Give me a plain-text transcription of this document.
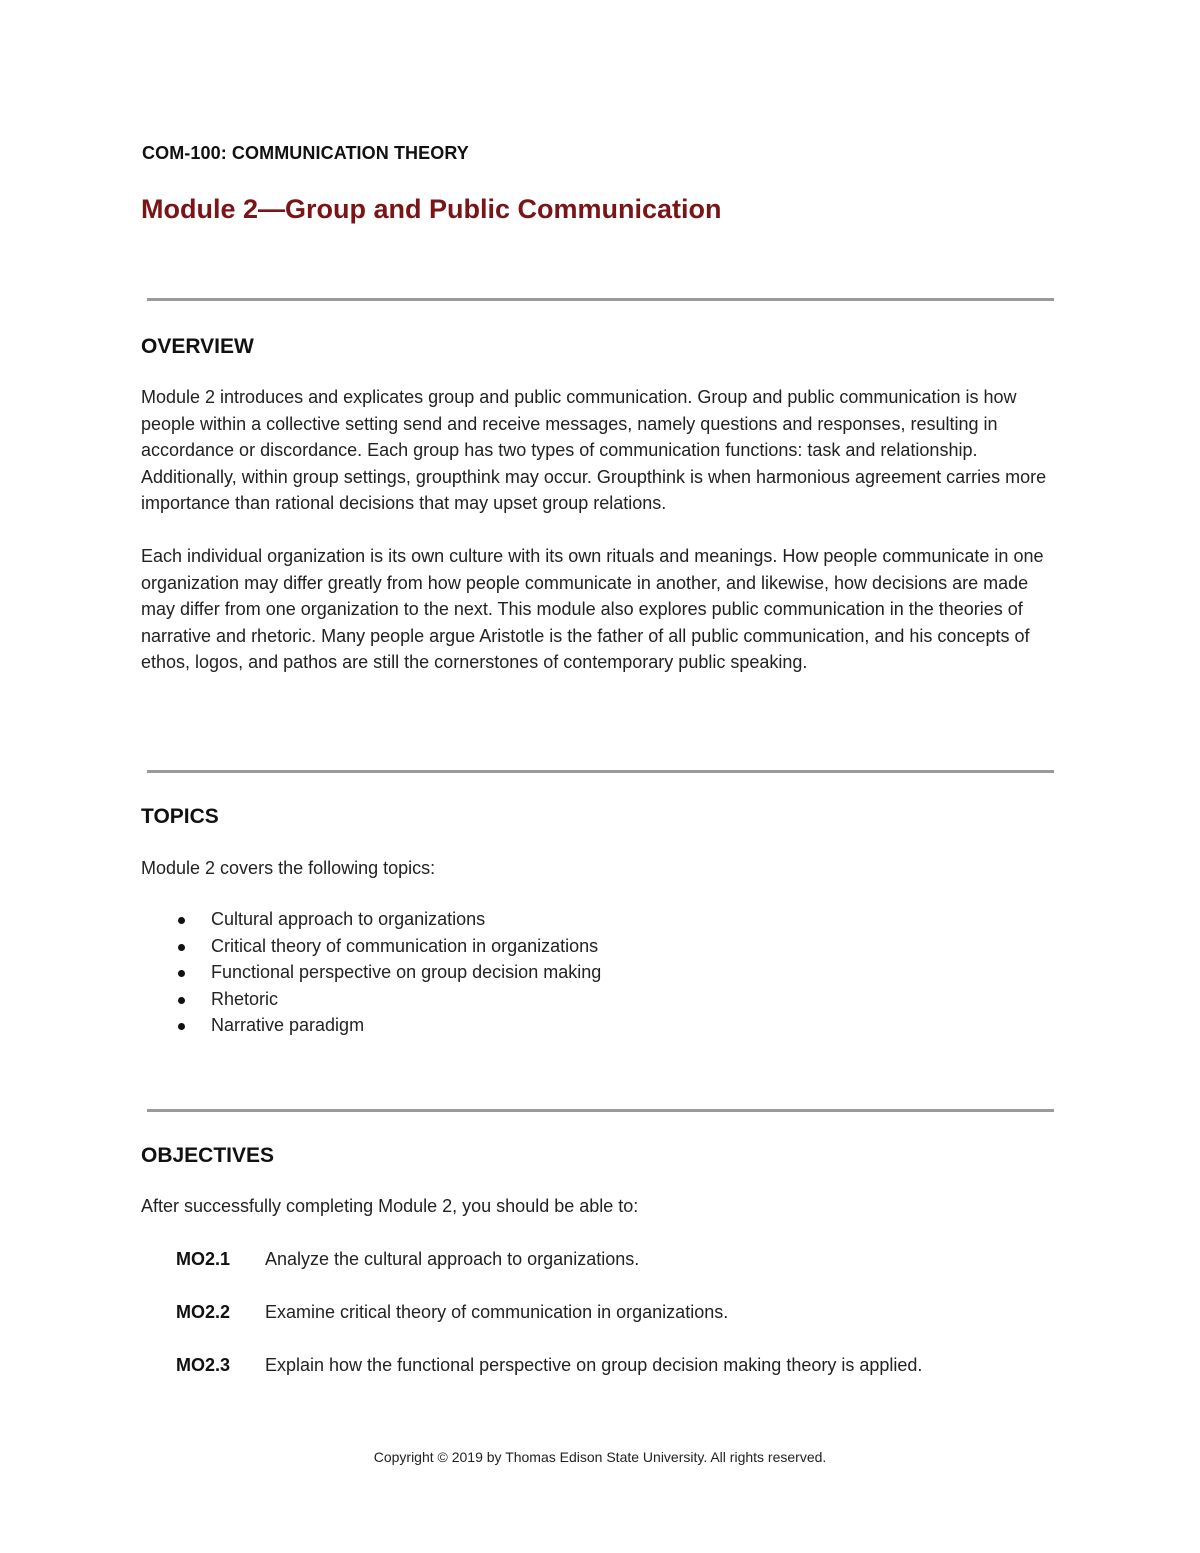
COM-100: COMMUNICATION THEORY
Module 2—Group and Public Communication
OVERVIEW

Module 2 introduces and explicates group and public communication. Group and public communication is how people within a collective setting send and receive messages, namely questions and responses, resulting in accordance or discordance. Each group has two types of communication functions: task and relationship. Additionally, within group settings, groupthink may occur. Groupthink is when harmonious agreement carries more importance than rational decisions that may upset group relations.

Each individual organization is its own culture with its own rituals and meanings. How people communicate in one organization may differ greatly from how people communicate in another, and likewise, how decisions are made may differ from one organization to the next. This module also explores public communication in the theories of narrative and rhetoric. Many people argue Aristotle is the father of all public communication, and his concepts of ethos, logos, and pathos are still the cornerstones of contemporary public speaking.

TOPICS

Module 2 covers the following topics:

Cultural approach to organizations
Critical theory of communication in organizations
Functional perspective on group decision making
Rhetoric
Narrative paradigm
OBJECTIVES

After successfully completing Module 2, you should be able to:

MO2.1 Analyze the cultural approach to organizations.
MO2.2 Examine critical theory of communication in organizations.
MO2.3 Explain how the functional perspective on group decision making theory is applied.
Copyright © 2019 by Thomas Edison State University. All rights reserved.
